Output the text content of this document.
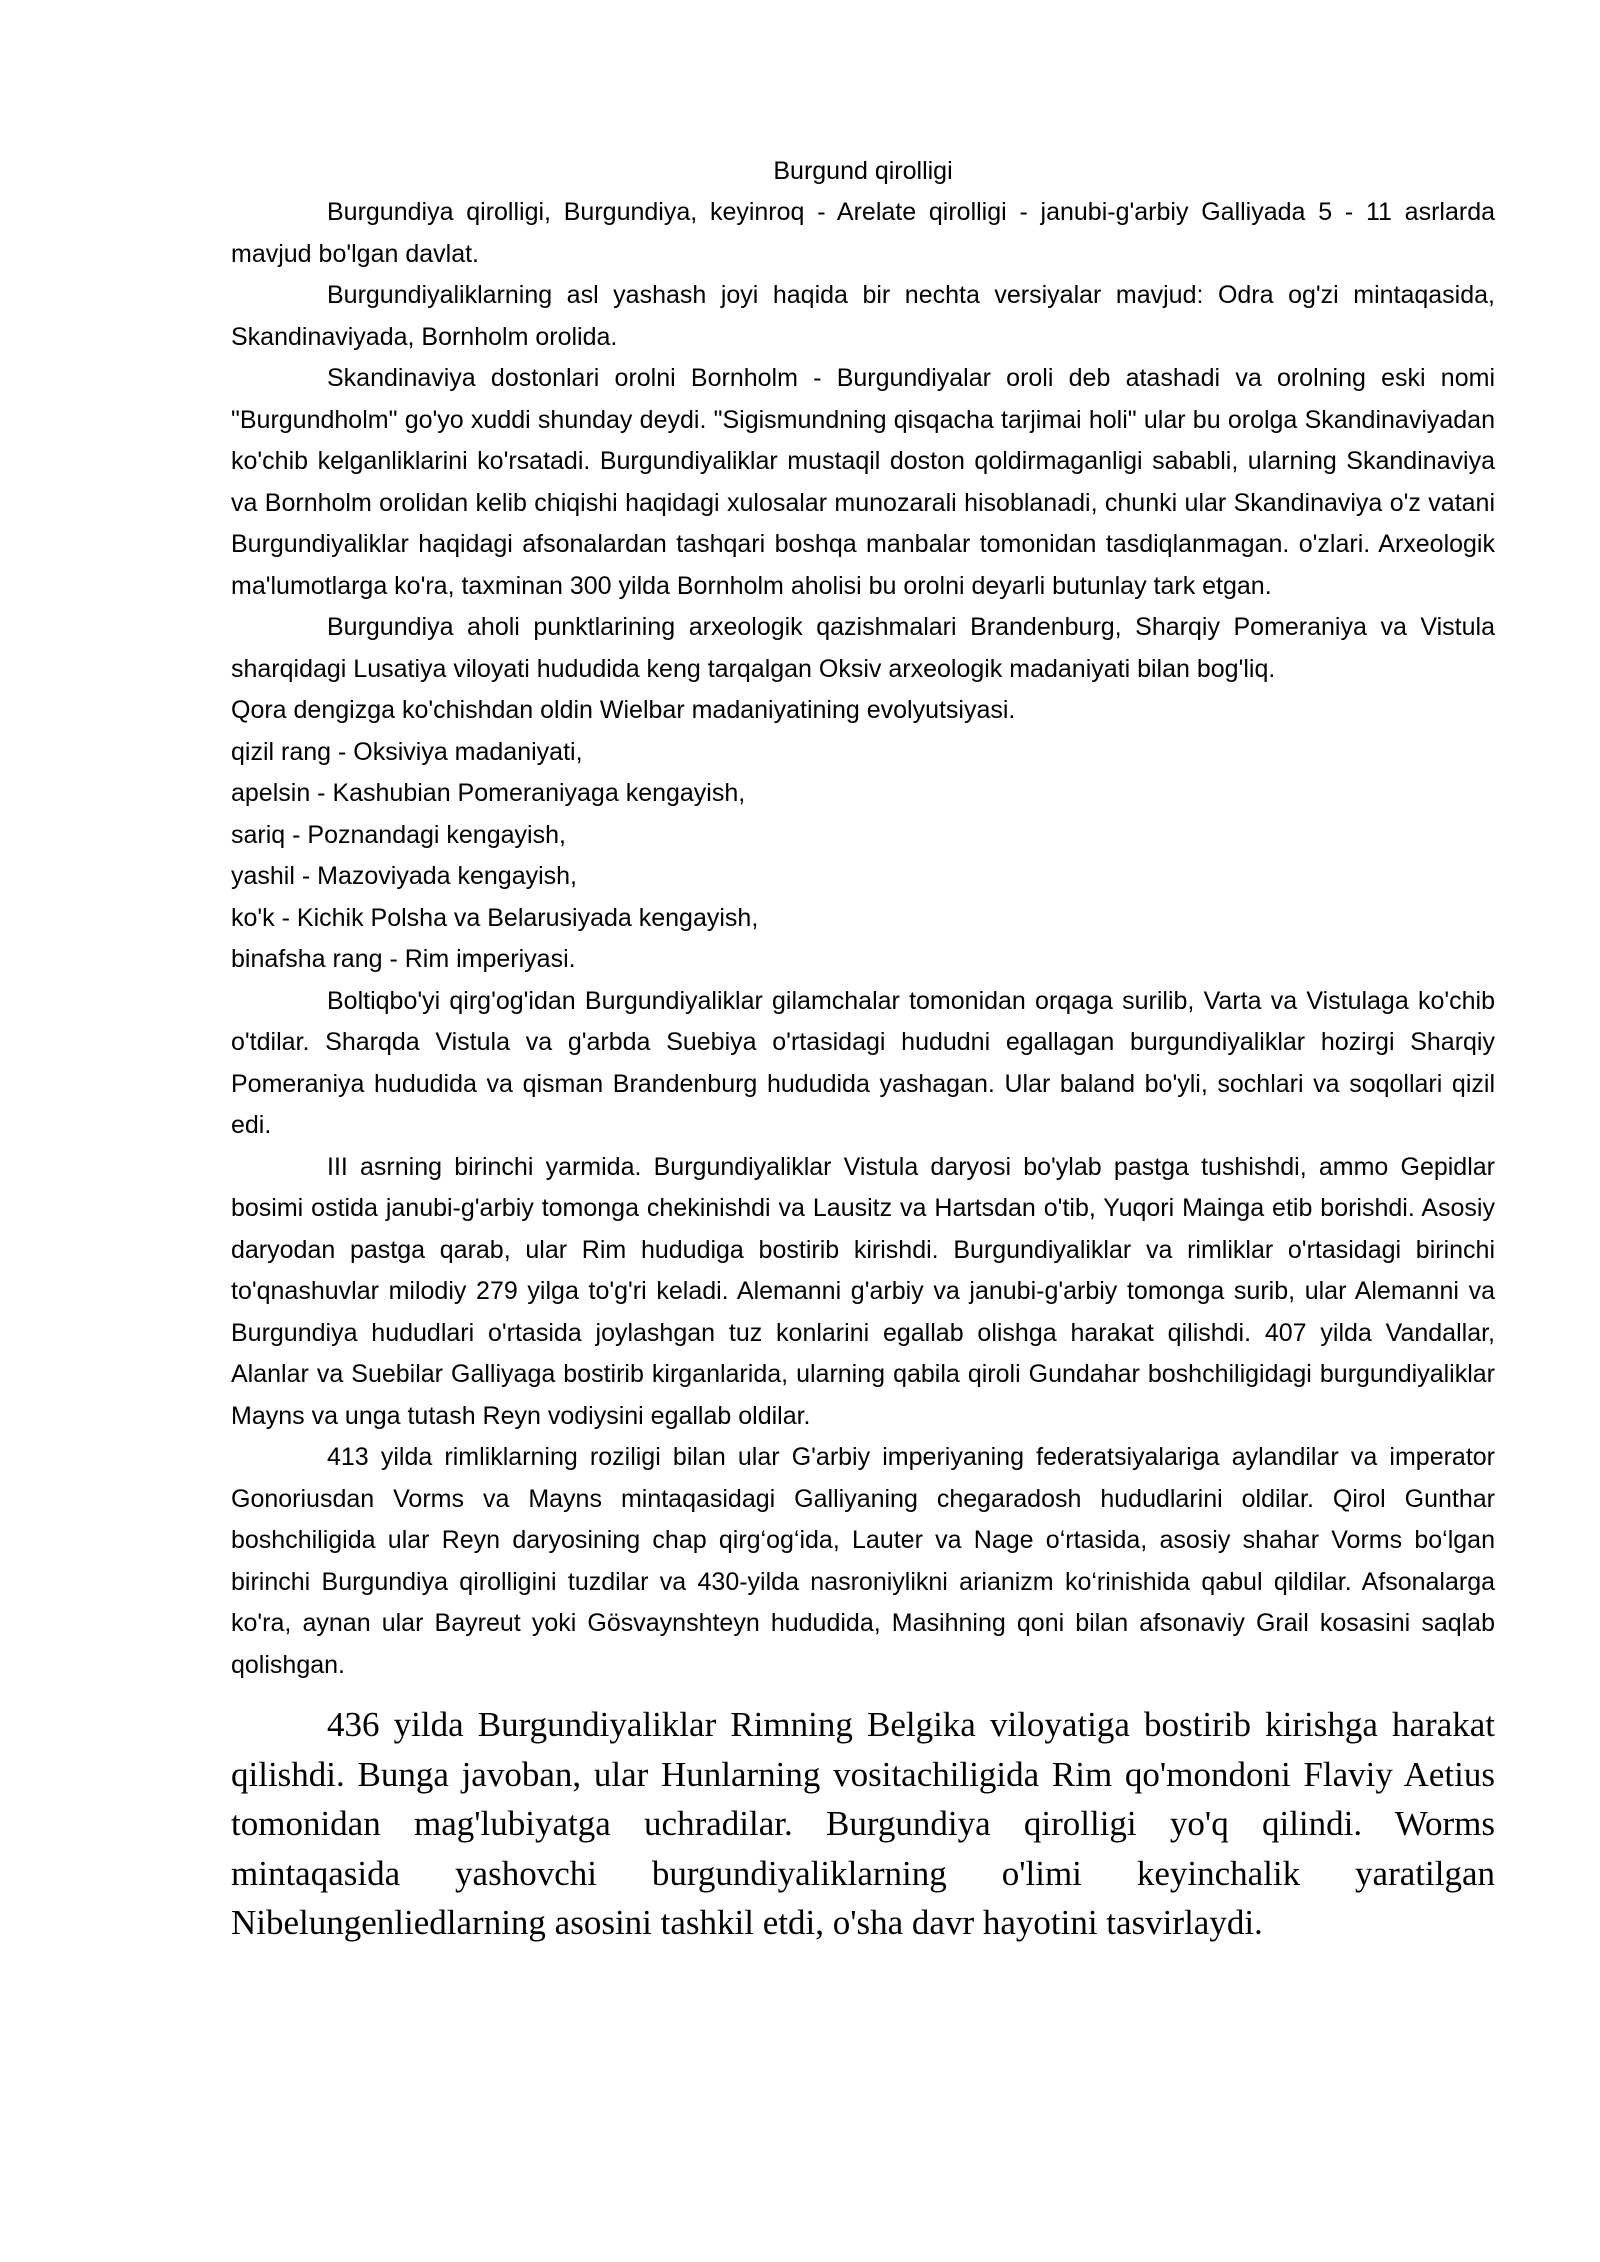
Burgund qirolligi

Burgundiya qirolligi, Burgundiya, keyinroq - Arelate qirolligi - janubi-g'arbiy Galliyada 5 - 11 asrlarda mavjud bo'lgan davlat.

Burgundiyaliklarning asl yashash joyi haqida bir nechta versiyalar mavjud: Odra og'zi mintaqasida, Skandinaviyada, Bornholm orolida.

Skandinaviya dostonlari orolni Bornholm - Burgundiyalar oroli deb atashadi va orolning eski nomi "Burgundholm" go'yo xuddi shunday deydi. "Sigismundning qisqacha tarjimai holi" ular bu orolga Skandinaviyadan ko'chib kelganliklarini ko'rsatadi. Burgundiyaliklar mustaqil doston qoldirmaganligi sababli, ularning Skandinaviya va Bornholm orolidan kelib chiqishi haqidagi xulosalar munozarali hisoblanadi, chunki ular Skandinaviya o'z vatani Burgundiyaliklar haqidagi afsonalardan tashqari boshqa manbalar tomonidan tasdiqlanmagan. o'zlari. Arxeologik ma'lumotlarga ko'ra, taxminan 300 yilda Bornholm aholisi bu orolni deyarli butunlay tark etgan.

Burgundiya aholi punktlarining arxeologik qazishmalari Brandenburg, Sharqiy Pomeraniya va Vistula sharqidagi Lusatiya viloyati hududida keng tarqalgan Oksiv arxeologik madaniyati bilan bog'liq.

Qora dengizga ko'chishdan oldin Wielbar madaniyatining evolyutsiyasi.

qizil rang - Oksiviya madaniyati,

apelsin - Kashubian Pomeraniyaga kengayish,

sariq - Poznandagi kengayish,

yashil - Mazoviyada kengayish,

ko'k - Kichik Polsha va Belarusiyada kengayish,

binafsha rang - Rim imperiyasi.

Boltiqbo'yi qirg'og'idan Burgundiyaliklar gilamchalar tomonidan orqaga surilib, Varta va Vistulaga ko'chib o'tdilar. Sharqda Vistula va g'arbda Suebiya o'rtasidagi hududni egallagan burgundiyaliklar hozirgi Sharqiy Pomeraniya hududida va qisman Brandenburg hududida yashagan. Ular baland bo'yli, sochlari va soqollari qizil edi.

III asrning birinchi yarmida. Burgundiyaliklar Vistula daryosi bo'ylab pastga tushishdi, ammo Gepidlar bosimi ostida janubi-g'arbiy tomonga chekinishdi va Lausitz va Hartsdan o'tib, Yuqori Mainga etib borishdi. Asosiy daryodan pastga qarab, ular Rim hududiga bostirib kirishdi. Burgundiyaliklar va rimliklar o'rtasidagi birinchi to'qnashuvlar milodiy 279 yilga to'g'ri keladi. Alemanni g'arbiy va janubi-g'arbiy tomonga surib, ular Alemanni va Burgundiya hududlari o'rtasida joylashgan tuz konlarini egallab olishga harakat qilishdi. 407 yilda Vandallar, Alanlar va Suebilar Galliyaga bostirib kirganlarida, ularning qabila qiroli Gundahar boshchiligidagi burgundiyaliklar Mayns va unga tutash Reyn vodiysini egallab oldilar.

413 yilda rimliklarning roziligi bilan ular G'arbiy imperiyaning federatsiyalariga aylandilar va imperator Gonoriusdan Vorms va Mayns mintaqasidagi Galliyaning chegaradosh hududlarini oldilar. Qirol Gunthar boshchiligida ular Reyn daryosining chap qirg‘og‘ida, Lauter va Nage o‘rtasida, asosiy shahar Vorms bo‘lgan birinchi Burgundiya qirolligini tuzdilar va 430-yilda nasroniylikni arianizm ko‘rinishida qabul qildilar. Afsonalarga ko'ra, aynan ular Bayreut yoki Gösvaynshteyn hududida, Masihning qoni bilan afsonaviy Grail kosasini saqlab qolishgan.

436 yilda Burgundiyaliklar Rimning Belgika viloyatiga bostirib kirishga harakat qilishdi. Bunga javoban, ular Hunlarning vositachiligida Rim qo'mondoni Flaviy Aetius tomonidan mag'lubiyatga uchradilar. Burgundiya qirolligi yo'q qilindi. Worms mintaqasida yashovchi burgundiyaliklarning o'limi keyinchalik yaratilgan Nibelungenliedlarning asosini tashkil etdi, o'sha davr hayotini tasvirlaydi.
